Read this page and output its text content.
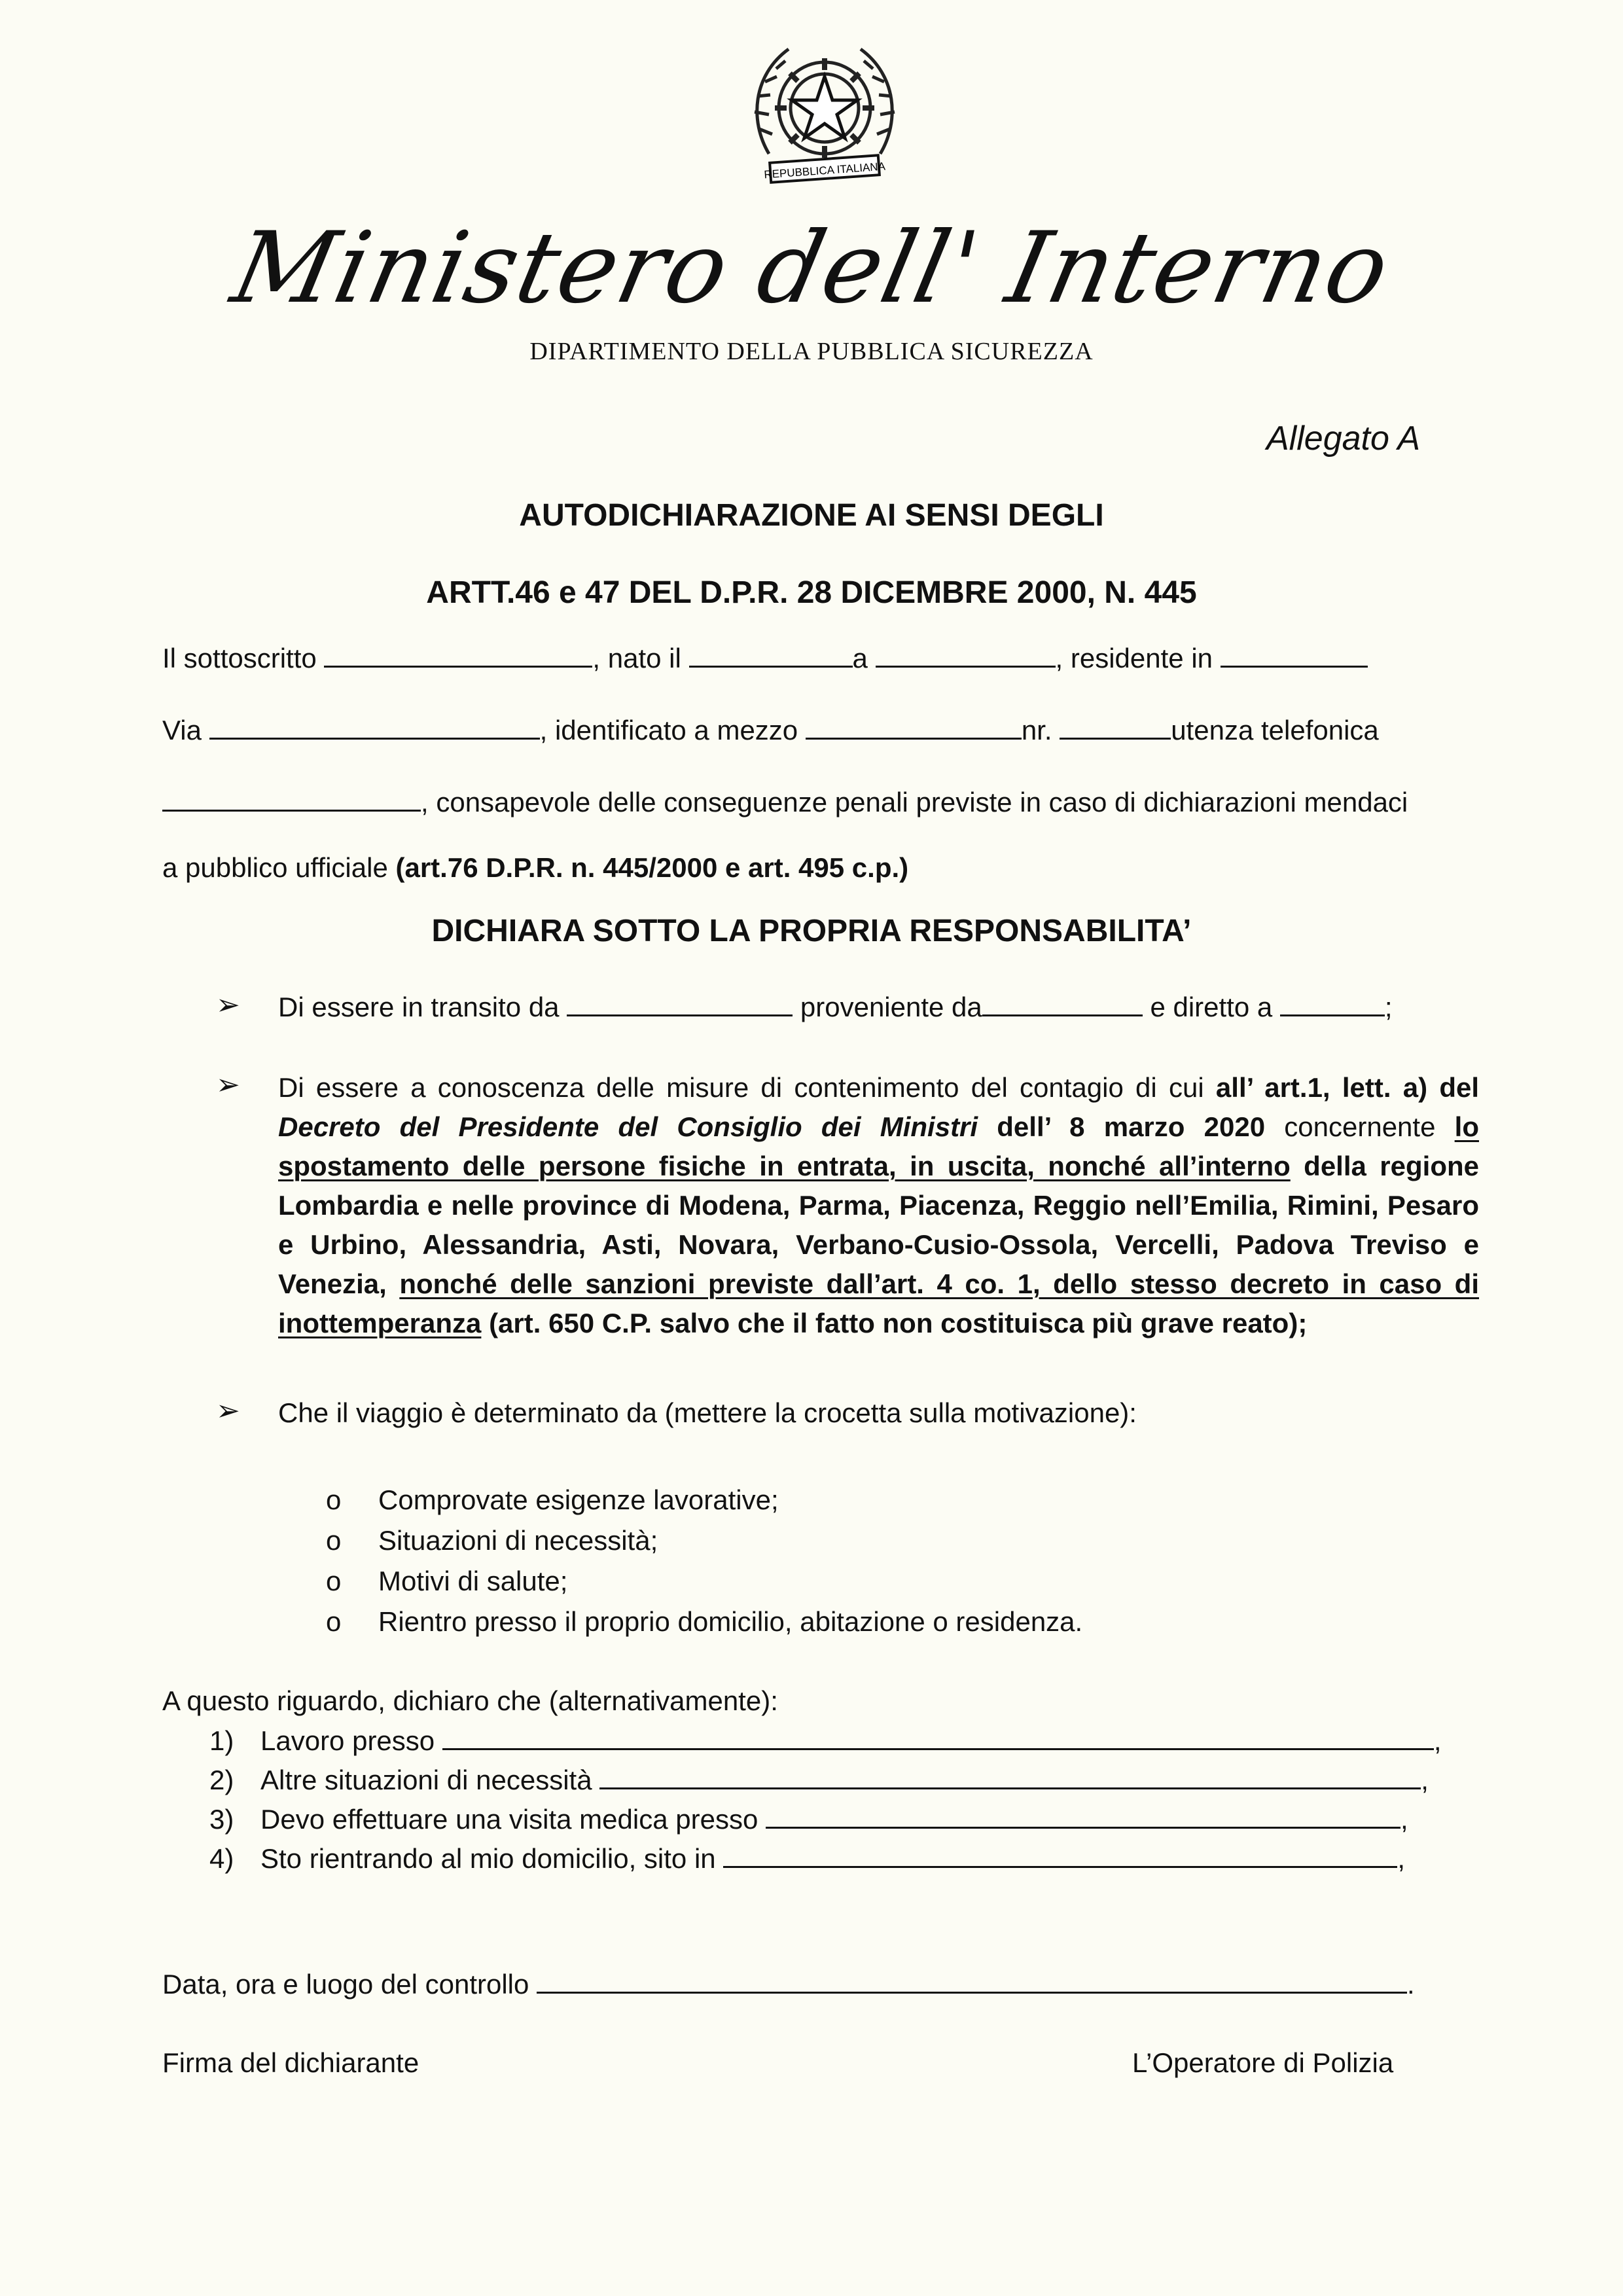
REPUBBLICA ITALIANA
Ministero dell' Interno
DIPARTIMENTO DELLA PUBBLICA SICUREZZA
Allegato A
AUTODICHIARAZIONE AI SENSI DEGLI
ARTT.46 e 47 DEL D.P.R. 28 DICEMBRE 2000, N. 445
Il sottoscritto	, nato il	a	, residente in
Via	, identificato a mezzo	nr.	utenza telefonica
, consapevole delle conseguenze penali previste in caso di dichiarazioni mendaci
a pubblico ufficiale (art.76 D.P.R. n. 445/2000 e art. 495 c.p.)
DICHIARA SOTTO LA PROPRIA RESPONSABILITA’
➢ Di essere in transito da	proveniente da	e diretto a	;
➢ Di essere a conoscenza delle misure di contenimento del contagio di cui all’ art.1, lett. a) del Decreto del Presidente del Consiglio dei Ministri dell’ 8 marzo 2020 concernente lo spostamento delle persone fisiche in entrata, in uscita, nonché all’interno della regione Lombardia e nelle province di Modena, Parma, Piacenza, Reggio nell’Emilia, Rimini, Pesaro e Urbino, Alessandria, Asti, Novara, Verbano-Cusio-Ossola, Vercelli, Padova Treviso e Venezia, nonché delle sanzioni previste dall’art. 4 co. 1, dello stesso decreto in caso di inottemperanza (art. 650 C.P. salvo che il fatto non costituisca più grave reato);
➢ Che il viaggio è determinato da (mettere la crocetta sulla motivazione):
o Comprovate esigenze lavorative;
o Situazioni di necessità;
o Motivi di salute;
o Rientro presso il proprio domicilio, abitazione o residenza.
A questo riguardo, dichiaro che (alternativamente):
1) Lavoro presso	,
2) Altre situazioni di necessità	,
3) Devo effettuare una visita medica presso	,
4) Sto rientrando al mio domicilio, sito in	,
Data, ora e luogo del controllo	.
Firma del dichiarante	L’Operatore di Polizia
